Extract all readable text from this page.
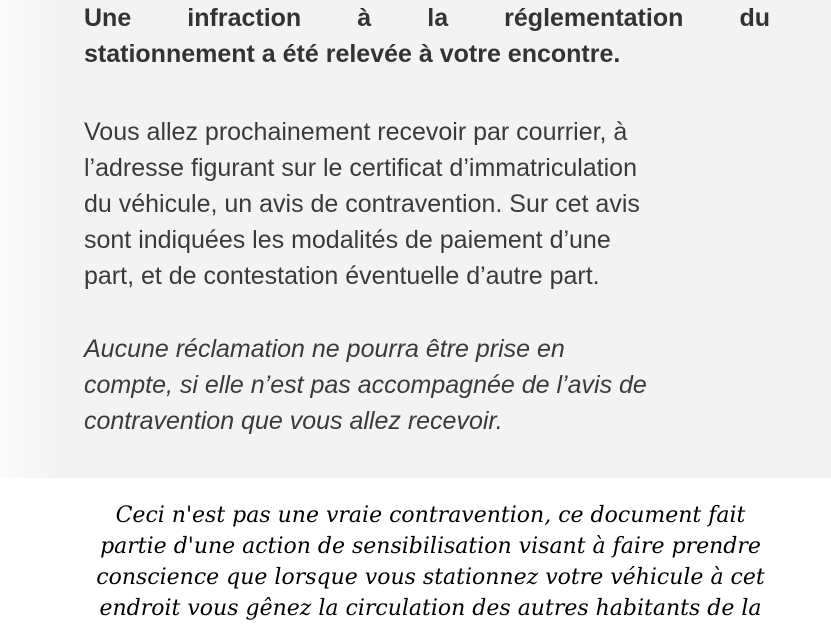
Une infraction à la réglementation du
stationnement a été relevée à votre encontre.
Vous allez prochainement recevoir par courrier, à
l’adresse figurant sur le certificat d’immatriculation
du véhicule, un avis de contravention. Sur cet avis
sont indiquées les modalités de paiement d’une
part, et de contestation éventuelle d’autre part.
Aucune réclamation ne pourra être prise en
compte, si elle n’est pas accompagnée de l’avis de
contravention que vous allez recevoir.
Ceci n'est pas une vraie contravention, ce document fait
partie d'une action de sensibilisation visant à faire prendre
conscience que lorsque vous stationnez votre véhicule à cet
endroit vous gênez la circulation des autres habitants de la
